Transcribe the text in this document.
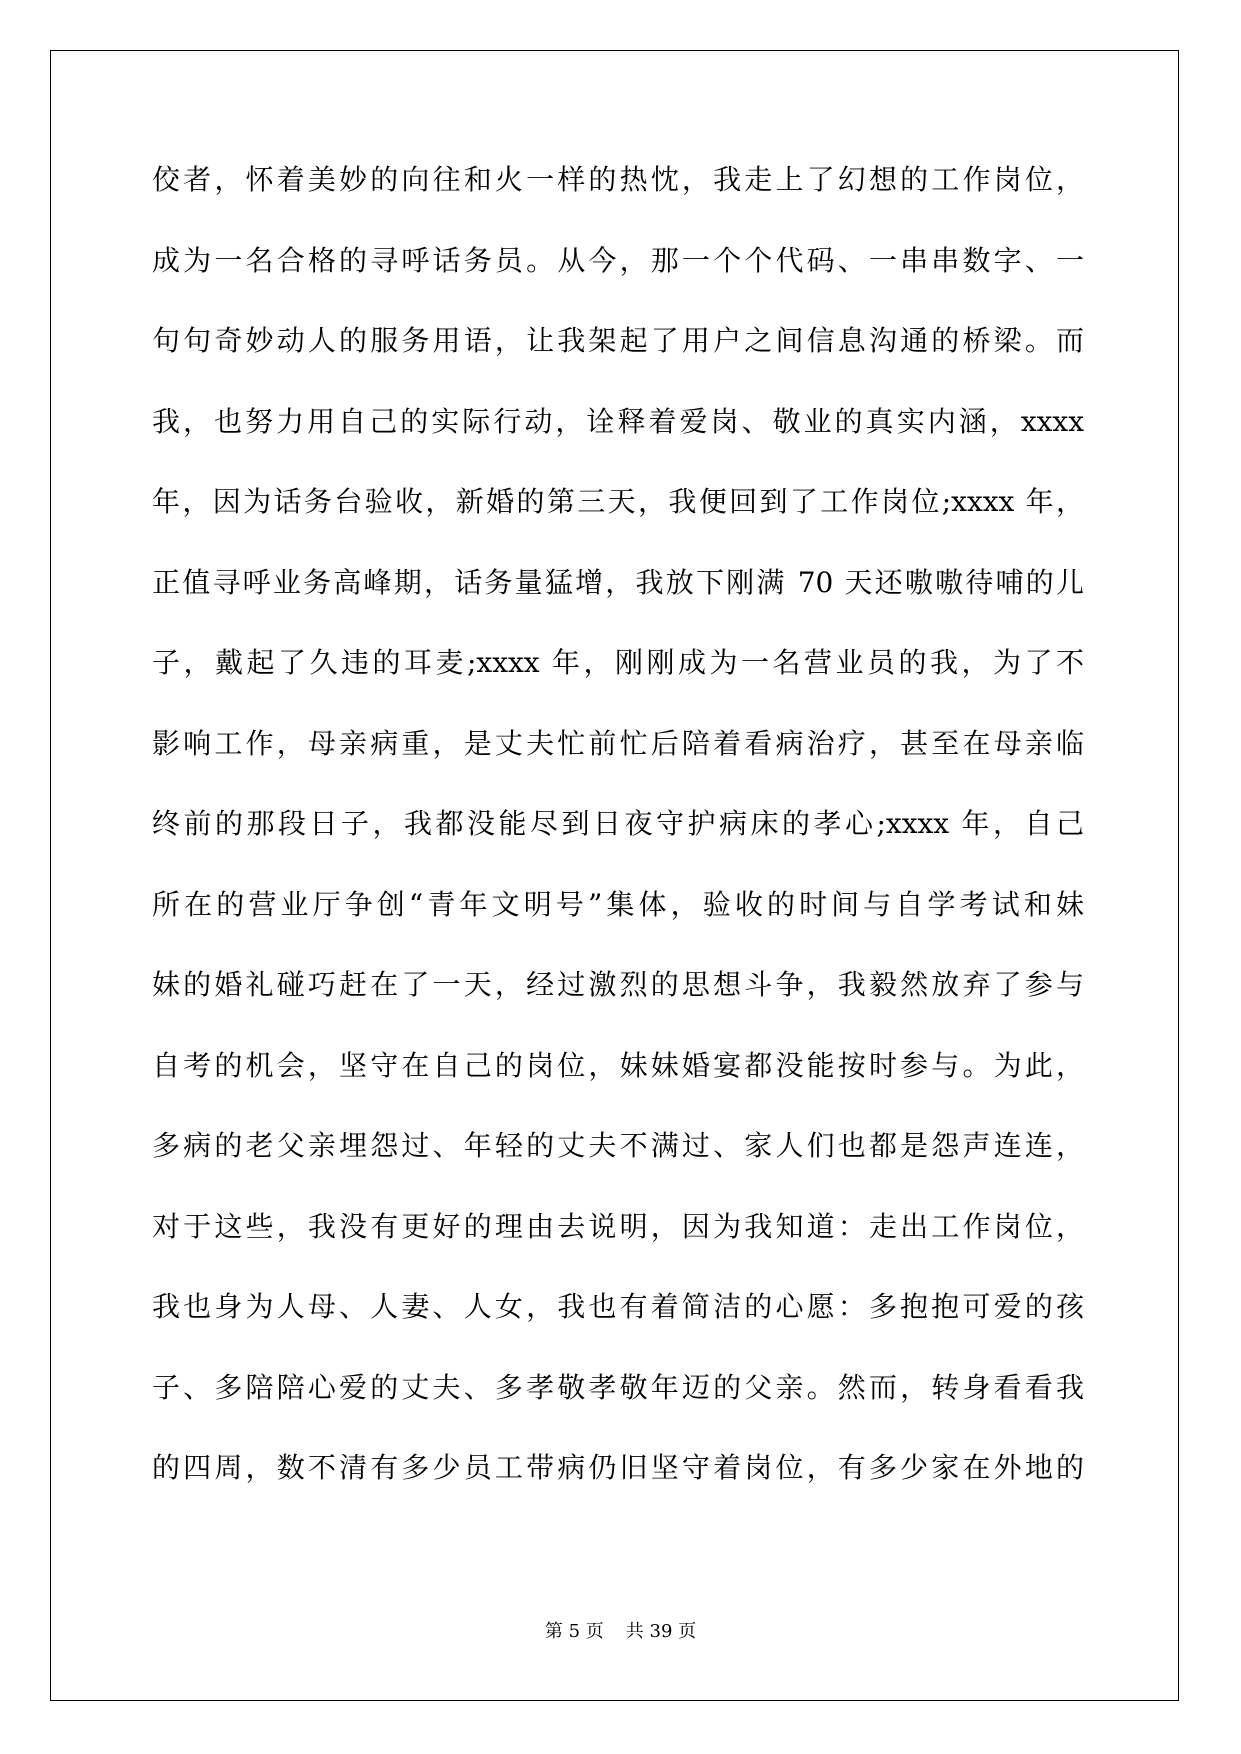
佼者，怀着美妙的向往和火一样的热忱，我走上了幻想的工作岗位，
成为一名合格的寻呼话务员。从今，那一个个代码、一串串数字、一
句句奇妙动人的服务用语，让我架起了用户之间信息沟通的桥梁。而
我，也努力用自己的实际行动，诠释着爱岗、敬业的真实内涵，xxxx
年，因为话务台验收，新婚的第三天，我便回到了工作岗位;xxxx 年，
正值寻呼业务高峰期，话务量猛增，我放下刚满 70 天还嗷嗷待哺的儿
子，戴起了久违的耳麦;xxxx 年，刚刚成为一名营业员的我，为了不
影响工作，母亲病重，是丈夫忙前忙后陪着看病治疗，甚至在母亲临
终前的那段日子，我都没能尽到日夜守护病床的孝心;xxxx 年，自己
所在的营业厅争创“青年文明号”集体，验收的时间与自学考试和妹
妹的婚礼碰巧赶在了一天，经过激烈的思想斗争，我毅然放弃了参与
自考的机会，坚守在自己的岗位，妹妹婚宴都没能按时参与。为此，
多病的老父亲埋怨过、年轻的丈夫不满过、家人们也都是怨声连连，
对于这些，我没有更好的理由去说明，因为我知道：走出工作岗位，
我也身为人母、人妻、人女，我也有着简洁的心愿：多抱抱可爱的孩
子、多陪陪心爱的丈夫、多孝敬孝敬年迈的父亲。然而，转身看看我
的四周，数不清有多少员工带病仍旧坚守着岗位，有多少家在外地的
第 5 页 共 39 页
